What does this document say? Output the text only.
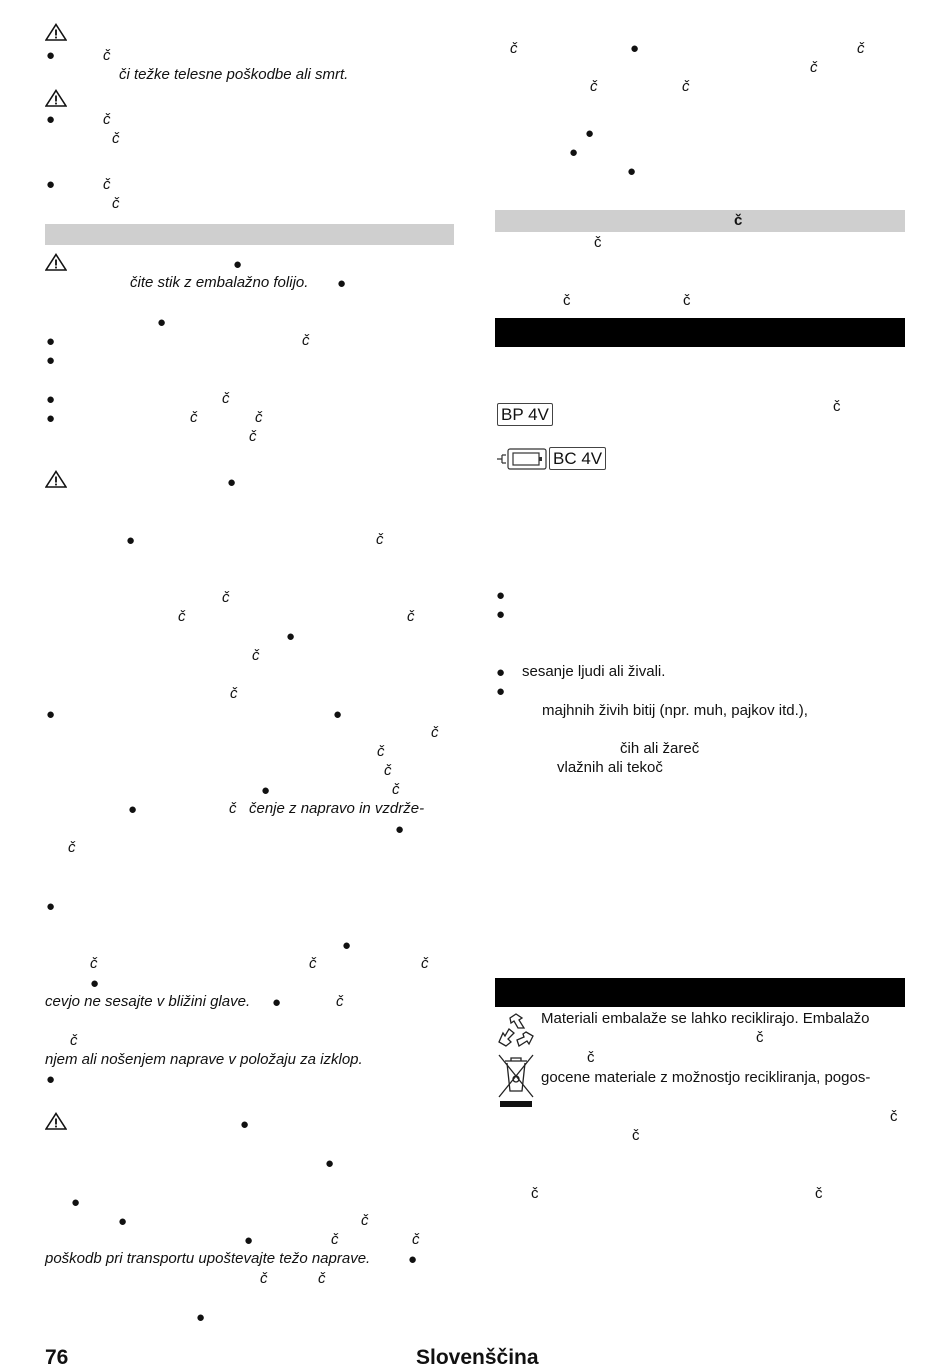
●	č
či težke telesne poškodbe ali smrt.
●	č
č
●	č
č
●
čite stik z embalažno folijo. ●
●
●	č
●
●	č
●	č	č
č
●
●	č
č
č	č
●
č
č
●	●
č
č
č
●	č
●	č čenje z napravo in vzdrže-
●
č
●
●
č	č	č
●
cevjo ne sesajte v bližini glave. ●	č
č
njem ali nošenjem naprave v položaju za izklop.
●
●
●
●
●	č
●	č	č
poškodb pri transportu upoštevajte težo naprave.	●
č	č
●
č	●	č
č
č	č
●
●
●
č
č
č	č
BP 4V	č
BC 4V
●
●
● sesanje ljudi ali živali.
●
majhnih živih bitij (npr. muh, pajkov itd.),
čih ali žareč
vlažnih ali tekoč
Materiali embalaže se lahko reciklirajo. Embalažo
č
č
gocene materiale z možnostjo recikliranja, pogos-
č
č
č	č
76	Slovenščina
